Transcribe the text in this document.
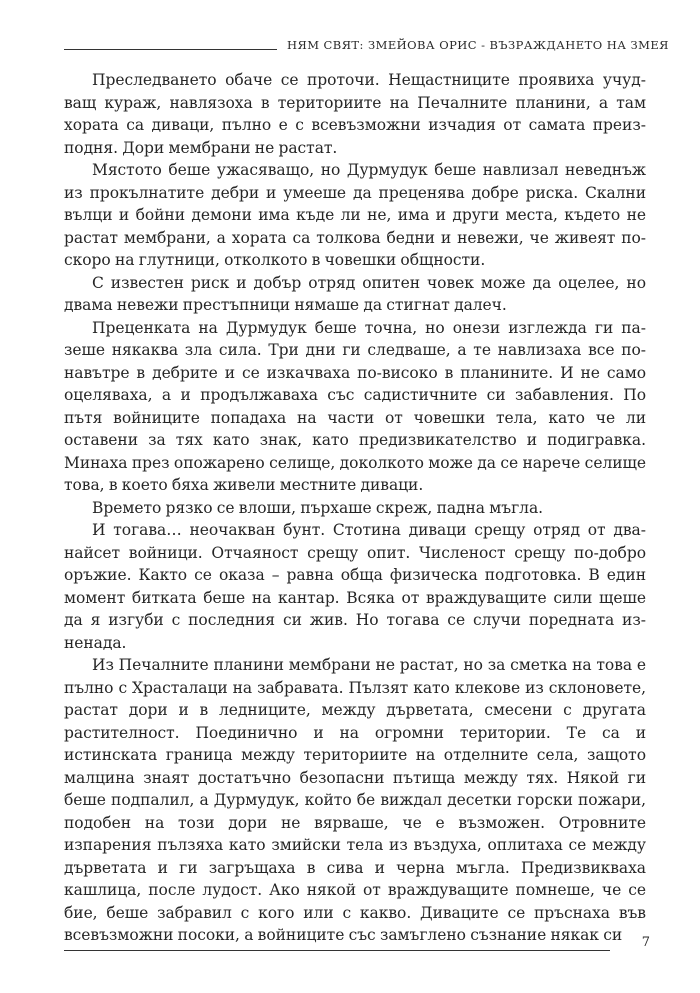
НЯМ СВЯТ: ЗМЕЙОВА ОРИС - ВЪЗРАЖДАНЕТО НА ЗМЕЯ

Преследването обаче се проточи. Нещастниците проявиха учудващ кураж, навлязоха в териториите на Печалните планини, а там хората са диваци, пълно е с всевъзможни изчадия от самата преизподня. Дори мембрани не растат.

Мястото беше ужасяващо, но Дурмудук беше навлизал неведнъж из прокълнатите дебри и умееше да преценява добре риска. Скални вълци и бойни демони има къде ли не, има и други места, където не растат мембрани, а хората са толкова бедни и невежи, че живеят по-скоро на глутници, отколкото в човешки общности.

С известен риск и добър отряд опитен човек може да оцелее, но двама невежи престъпници нямаше да стигнат далеч.

Преценката на Дурмудук беше точна, но онези изглежда ги пазеше някаква зла сила. Три дни ги следваше, а те навлизаха все по-навътре в дебрите и се изкачваха по-високо в планините. И не само оцеляваха, а и продължаваха със садистичните си забавления. По пътя войниците попадаха на части от човешки тела, като че ли оставени за тях като знак, като предизвикателство и подигравка. Минаха през опожарено селище, доколкото може да се нарече селище това, в което бяха живели местните диваци.

Времето рязко се влоши, пърхаше скреж, падна мъгла.

И тогава… неочакван бунт. Стотина диваци срещу отряд от дванайсет войници. Отчаяност срещу опит. Численост срещу по-добро оръжие. Както се оказа – равна обща физическа подготовка. В един момент битката беше на кантар. Всяка от враждуващите сили щеше да я изгуби с последния си жив. Но тогава се случи поредната изненада.

Из Печалните планини мембрани не растат, но за сметка на това е пълно с Храсталаци на забравата. Пълзят като клекове из склоновете, растат дори и в ледниците, между дърветата, смесени с другата растителност. Поединично и на огромни територии. Те са и истинската граница между териториите на отделните села, защото малцина знаят достатъчно безопасни пътища между тях. Някой ги беше подпалил, а Дурмудук, който бе виждал десетки горски пожари, подобен на този дори не вярваше, че е възможен. Отровните изпарения пълзяха като змийски тела из въздуха, оплитаха се между дърветата и ги загръщаха в сива и черна мъгла. Предизвикваха кашлица, после лудост. Ако някой от враждуващите помнеше, че се бие, беше забравил с кого или с какво. Диваците се пръснаха във всевъзможни посоки, а войниците със замъглено съзнание някак си	7
